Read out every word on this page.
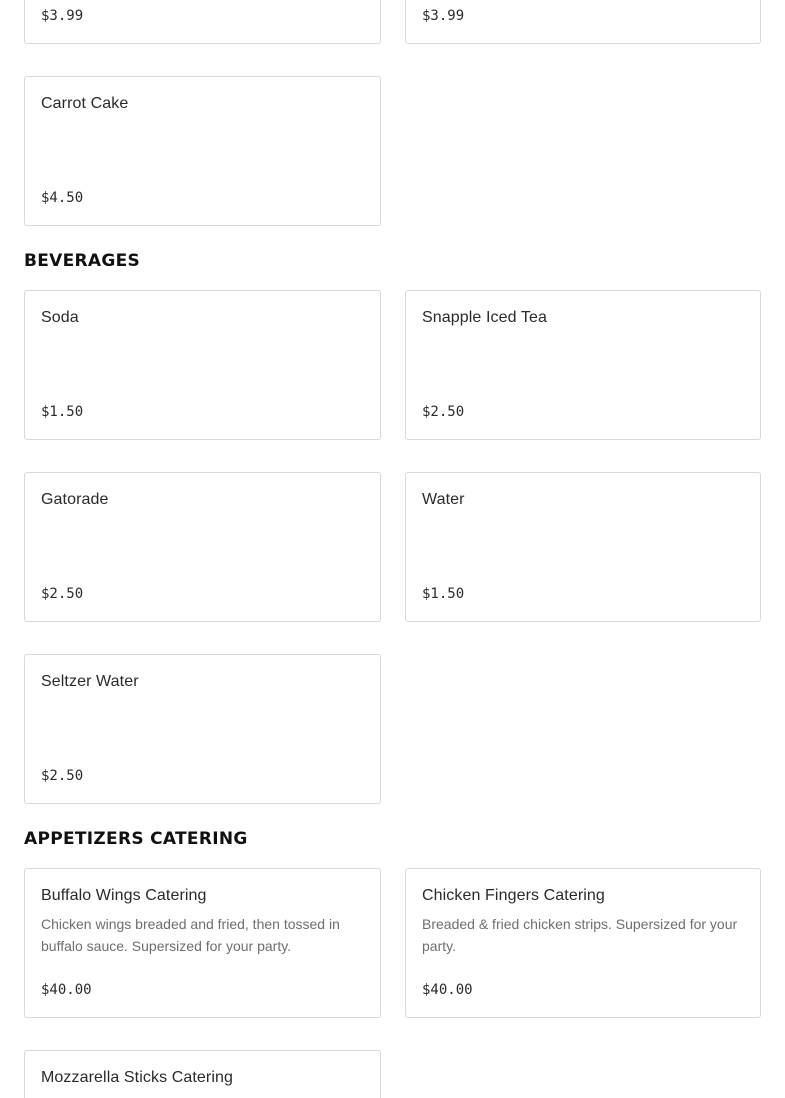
$3.99	$3.99
Carrot Cake
$4.50
BEVERAGES
Soda
$1.50
Snapple Iced Tea
$2.50
Gatorade
$2.50
Water
$1.50
Seltzer Water
$2.50
APPETIZERS CATERING
Buffalo Wings Catering
Chicken wings breaded and fried, then tossed in buffalo sauce. Supersized for your party.
$40.00
Chicken Fingers Catering
Breaded & fried chicken strips. Supersized for your party.
$40.00
Mozzarella Sticks Catering
